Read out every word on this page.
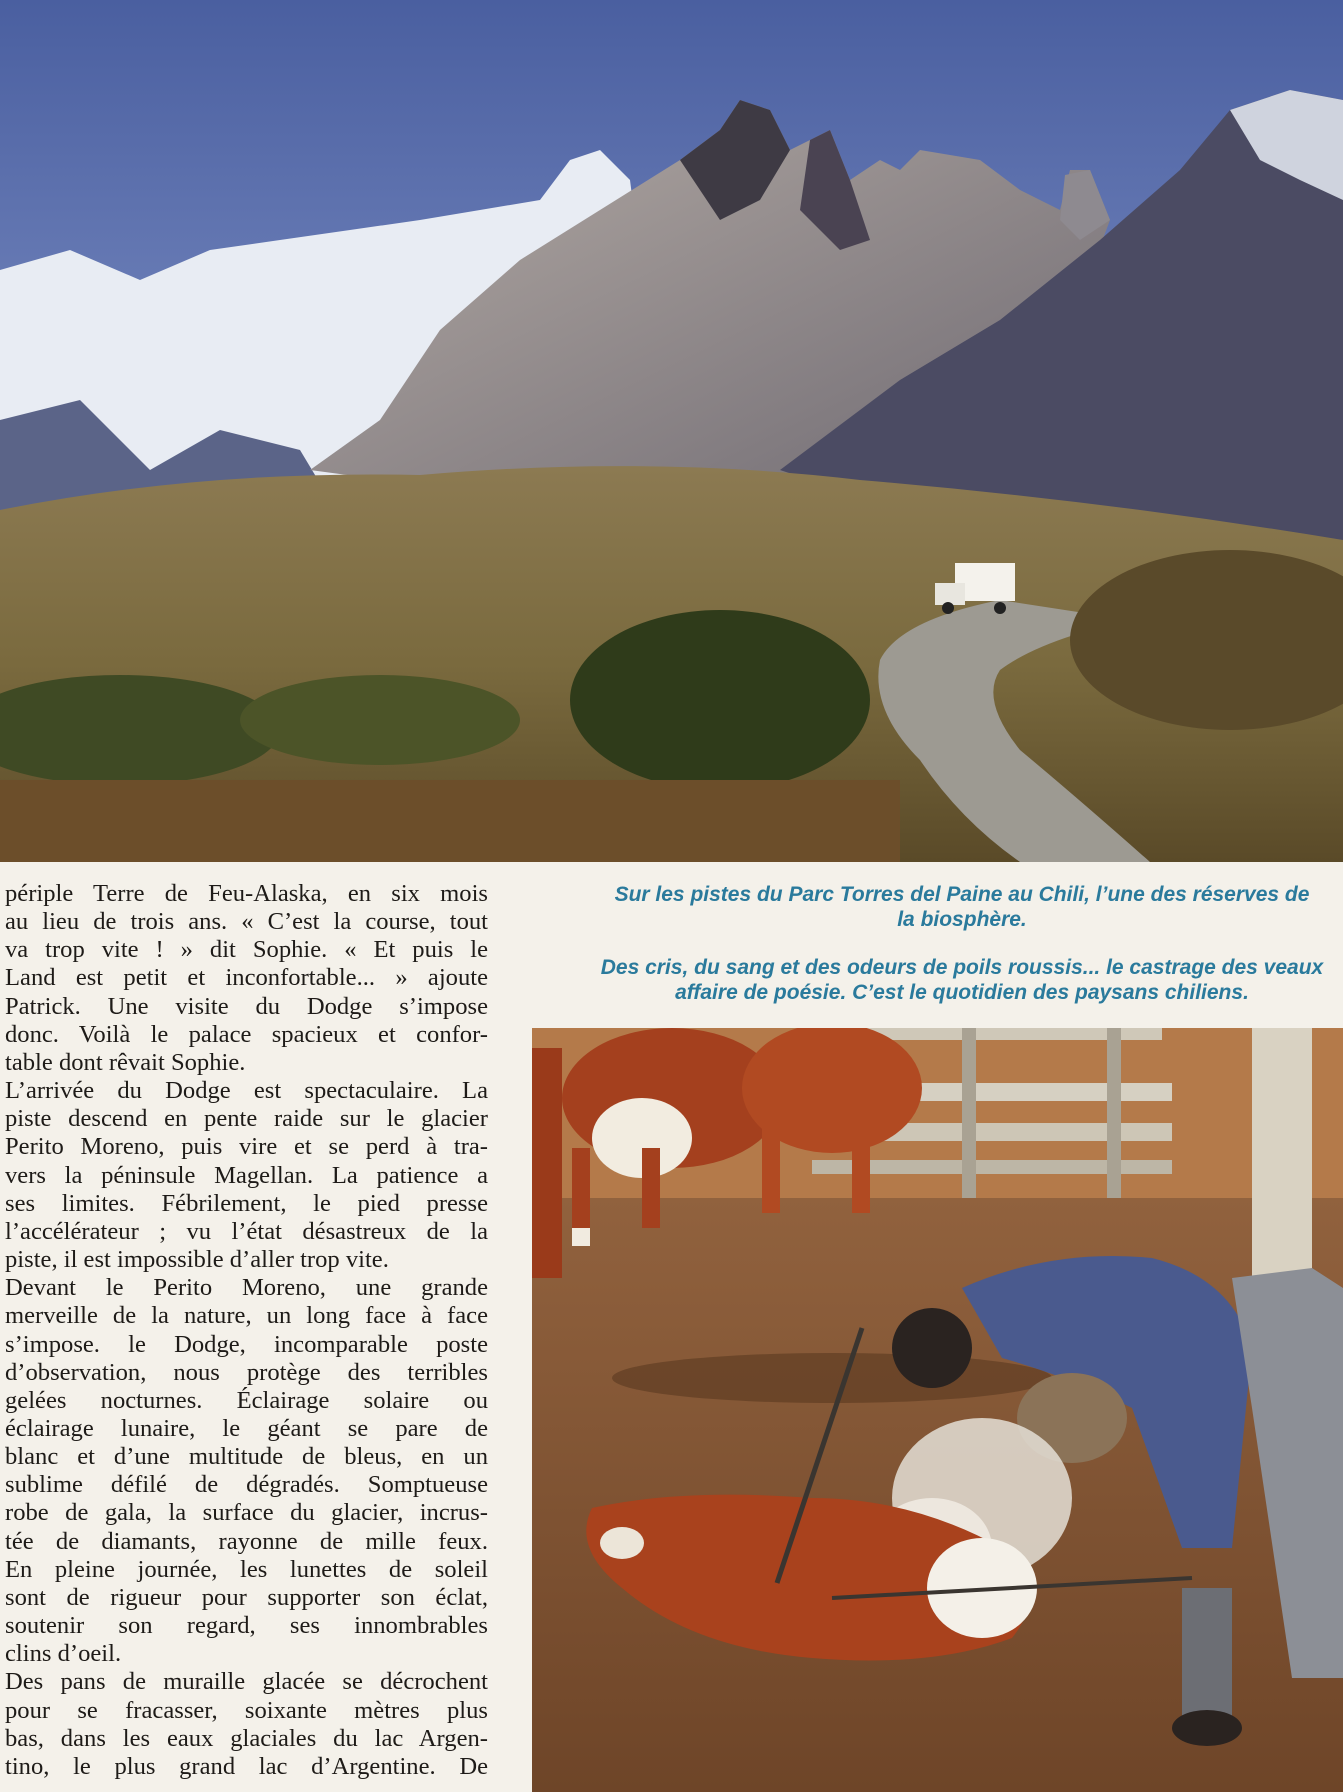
périple Terre de Feu-Alaska, en six mois

au lieu de trois ans. « C’est la course, tout

va trop vite ! » dit Sophie. « Et puis le

Land est petit et inconfortable... » ajoute

Patrick. Une visite du Dodge s’impose

donc. Voilà le palace spacieux et confor-

table dont rêvait Sophie.

L’arrivée du Dodge est spectaculaire. La

piste descend en pente raide sur le glacier

Perito Moreno, puis vire et se perd à tra-

vers la péninsule Magellan. La patience a

ses limites. Fébrilement, le pied presse

l’accélérateur ; vu l’état désastreux de la

piste, il est impossible d’aller trop vite.

Devant le Perito Moreno, une grande

merveille de la nature, un long face à face

s’impose. le Dodge, incomparable poste

d’observation, nous protège des terribles

gelées nocturnes. Éclairage solaire ou

éclairage lunaire, le géant se pare de

blanc et d’une multitude de bleus, en un

sublime défilé de dégradés. Somptueuse

robe de gala, la surface du glacier, incrus-

tée de diamants, rayonne de mille feux.

En pleine journée, les lunettes de soleil

sont de rigueur pour supporter son éclat,

soutenir son regard, ses innombrables

clins d’oeil.

Des pans de muraille glacée se décrochent

pour se fracasser, soixante mètres plus

bas, dans les eaux glaciales du lac Argen-

tino, le plus grand lac d’Argentine. De

Sur les pistes du Parc Torres del Paine au Chili, l’une des réserves de
la biosphère.
Des cris, du sang et des odeurs de poils roussis... le castrage des veaux
affaire de poésie. C’est le quotidien des paysans chiliens.
